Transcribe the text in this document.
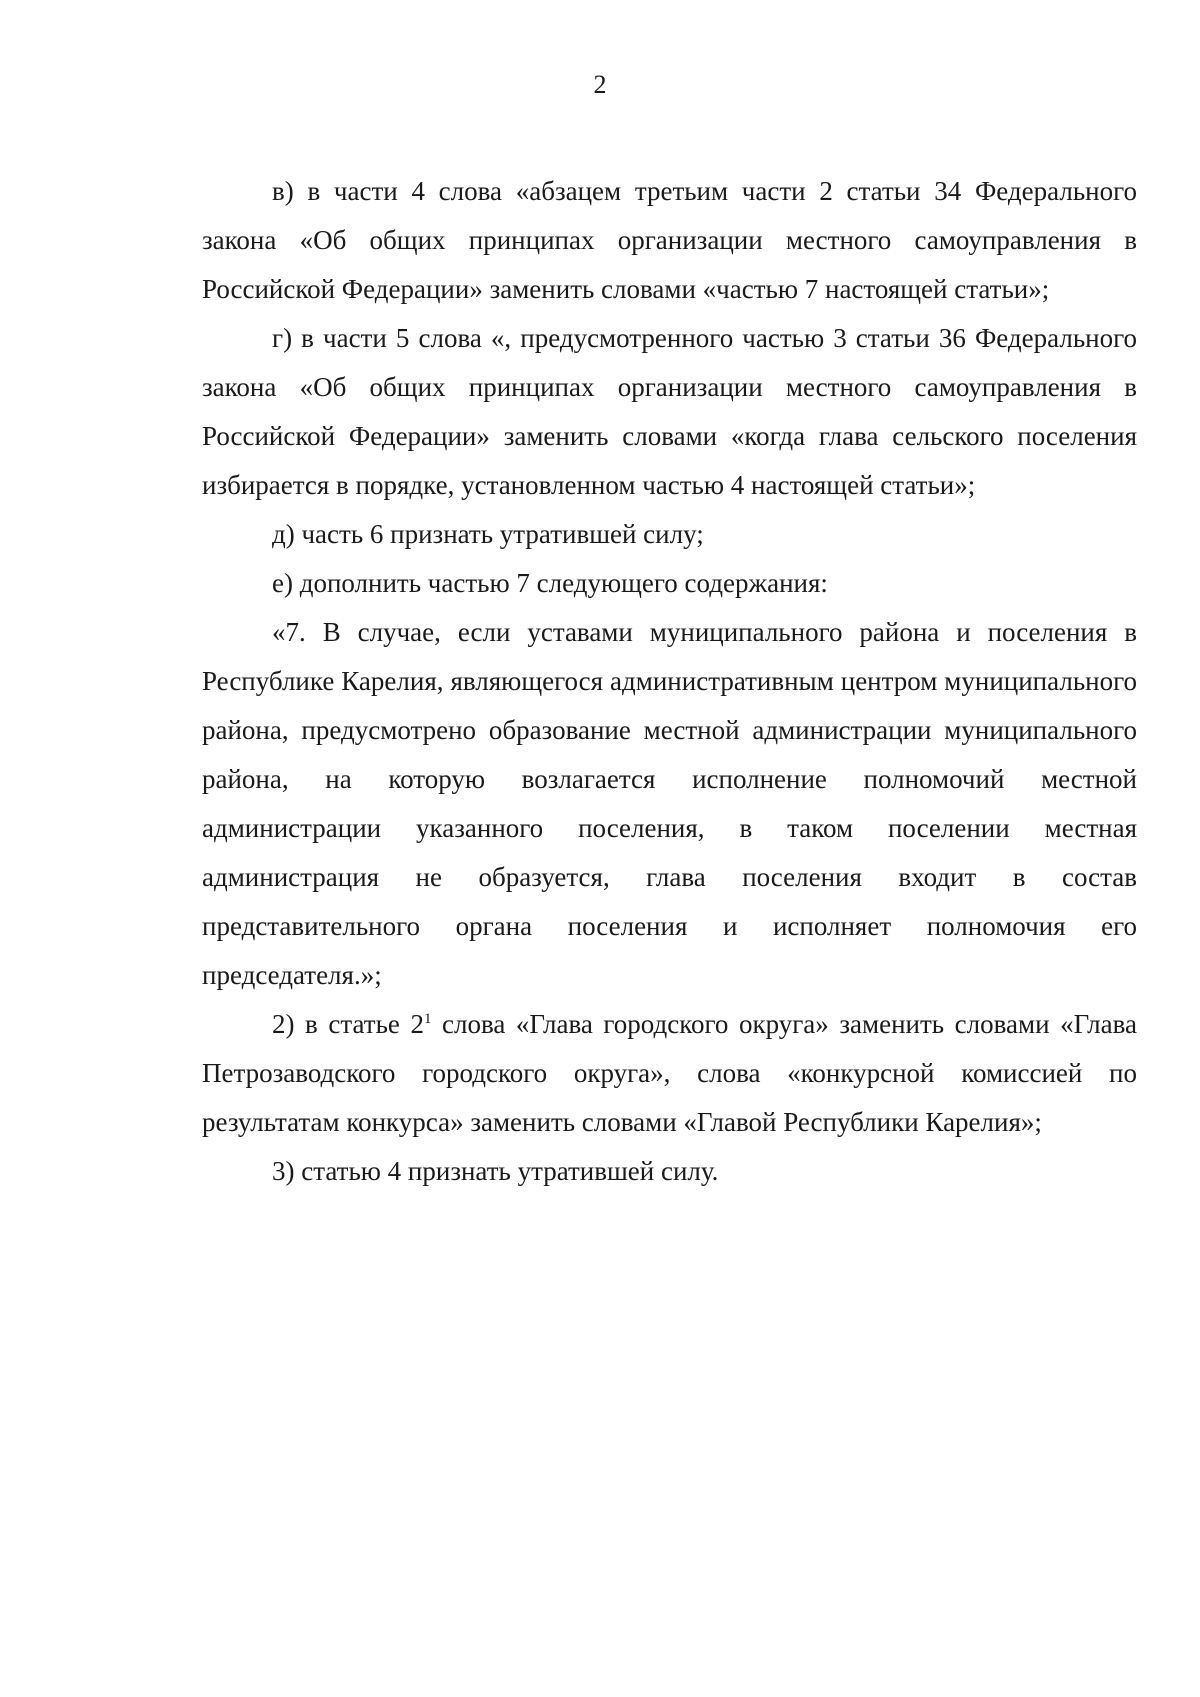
2

в) в части 4 слова «абзацем третьим части 2 статьи 34 Федерального закона «Об общих принципах организации местного самоуправления в Российской Федерации» заменить словами «частью 7 настоящей статьи»;

г) в части 5 слова «, предусмотренного частью 3 статьи 36 Федерального закона «Об общих принципах организации местного самоуправления в Российской Федерации» заменить словами «когда глава сельского поселения избирается в порядке, установленном частью 4 настоящей статьи»;

д) часть 6 признать утратившей силу;

е) дополнить частью 7 следующего содержания:

«7. В случае, если уставами муниципального района и поселения в Республике Карелия, являющегося административным центром муниципального района, предусмотрено образование местной администрации муниципального района, на которую возлагается исполнение полномочий местной администрации указанного поселения, в таком поселении местная администрация не образуется, глава поселения входит в состав представительного органа поселения и исполняет полномочия его председателя.»;

2) в статье $2^1$ слова «Глава городского округа» заменить словами «Глава Петрозаводского городского округа», слова «конкурсной комиссией по результатам конкурса» заменить словами «Главой Республики Карелия»;

3) статью 4 признать утратившей силу.
